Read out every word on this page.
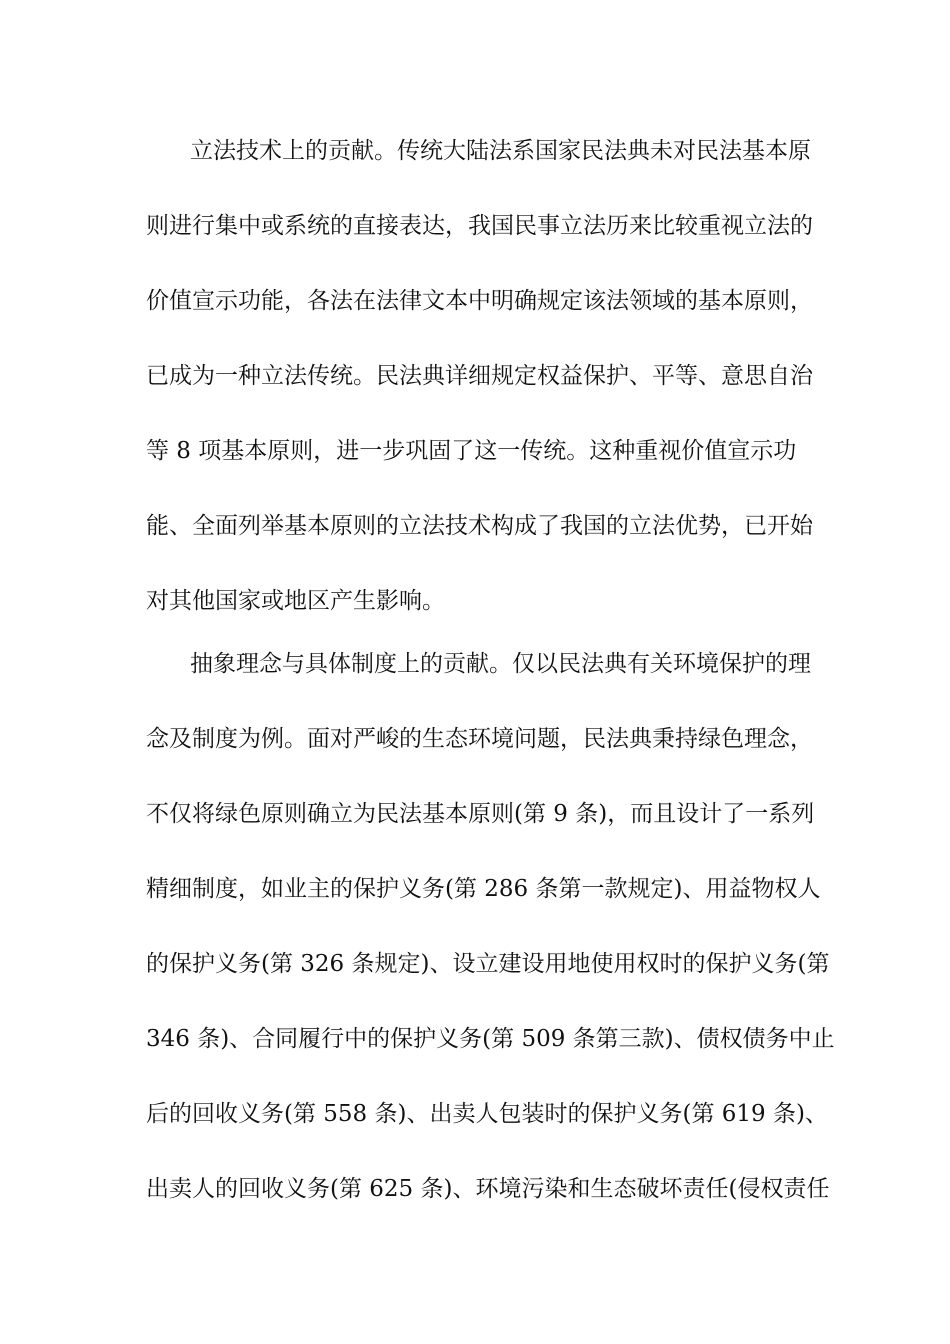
立法技术上的贡献。传统大陆法系国家民法典未对民法基本原
则进行集中或系统的直接表达，我国民事立法历来比较重视立法的
价值宣示功能，各法在法律文本中明确规定该法领域的基本原则，
已成为一种立法传统。民法典详细规定权益保护、平等、意思自治
等 8 项基本原则，进一步巩固了这一传统。这种重视价值宣示功
能、全面列举基本原则的立法技术构成了我国的立法优势，已开始
对其他国家或地区产生影响。
抽象理念与具体制度上的贡献。仅以民法典有关环境保护的理
念及制度为例。面对严峻的生态环境问题，民法典秉持绿色理念，
不仅将绿色原则确立为民法基本原则(第 9 条)，而且设计了一系列
精细制度，如业主的保护义务(第 286 条第一款规定)、用益物权人
的保护义务(第 326 条规定)、设立建设用地使用权时的保护义务(第
346 条)、合同履行中的保护义务(第 509 条第三款)、债权债务中止
后的回收义务(第 558 条)、出卖人包装时的保护义务(第 619 条)、
出卖人的回收义务(第 625 条)、环境污染和生态破坏责任(侵权责任
